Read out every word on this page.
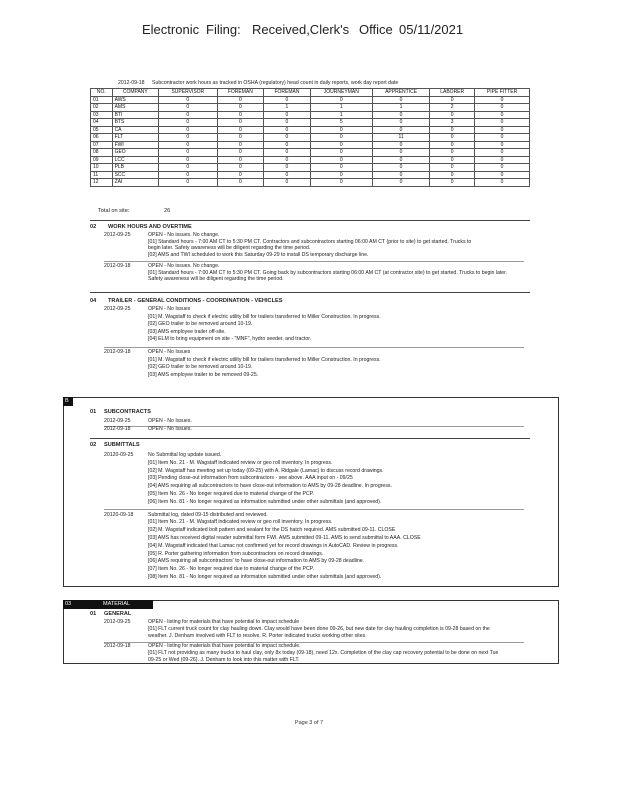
Electronic Filing: Received,Clerk's Office 05/11/2021
2012-09-18 Subcontractor work hours as tracked in OSHA (regulatory) head count in daily reports, work day report date
NO.	COMPANY	SUPERVISOR	FOREMAN	FOREMAN	JOURNEYMAN	APPRENTICE	LABORER	PIPE FITTER
01	AWS	0	0	0	0	0	0	0
02	AMS	0	0	1	1	1	2	0
03	BTI	0	0	0	1	0	0	0
04	BTS	0	0	0	5	0	3	0
05	CA	0	0	0	0	0	0	0
06	FLT	0	0	0	0	11	0	0
07	FWI	0	0	0	0	0	0	0
08	GEO	0	0	0	0	0	0	0
09	LCC	0	0	0	0	0	0	0
10	PLB	0	0	0	0	0	0	0
11	SCC	0	0	0	0	0	0	0
12	ZAI	0	0	0	0	0	0	0
Total on site:	26
02 WORK HOURS AND OVERTIME
2012-09-25	OPEN - No issues. No change.
[01] Standard hours - 7:00 AM CT to 5:30 PM CT. Contractors and subcontractors starting 06:00 AM CT (prior to site) to get started. Trucks to
begin later. Safety awareness will be diligent regarding the time period.
[02] AMS and TWI scheduled to work this Saturday 09-29 to install DS temporary discharge line.
2012-09-18	OPEN - No issues. No change.
[01] Standard hours - 7:00 AM CT to 5:30 PM CT. Going back by subcontractors starting 06:00 AM CT (at contractor site) to get started. Trucks to begin later.
Safety awareness will be diligent regarding the time period.
04 TRAILER - GENERAL CONDITIONS - COORDINATION - VEHICLES
2012-09-25	OPEN - No Issues
[01] M. Wagstaff to check if electric utility bill for trailers transferred to Miller Construction. In progress.
[02] GEO trailer to be removed around 10-19.
[03] AMS employee trailer off-site.
[04] ELM to bring equipment on site - "MNF", hydro seeder, and tractor.
2012-09-18	OPEN - No Issues
[01] M. Wagstaff to check if electric utility bill for trailers transferred to Miller Construction. In progress.
[02] GEO trailer to be removed around 10-19.
[03] AMS employee trailer to be removed 09-25.
B
01 SUBCONTRACTS
2012-09-25	OPEN - No Issues.
2012-09-18	OPEN - No Issues.
02 SUBMITTALS
20120-09-25	No Submittal log update issued.
[01] Item No. 21 - M. Wagstaff indicated review or geo roll inventory. In progress.
[02] M. Wagstaff has meeting set up today (09-25) with A. Ridgale (Lamac) to discuss record drawings.
[03] Pending close-out information from subcontractors - see above. AAA input on - 09/25
[04] AMS requiring all subcontractors to have close-out information to AMS by 09-28 deadline. In progress.
[05] Item No. 26 - No longer required due to material change of the PCP.
[06] Item No. 81 - No longer required as information submitted under other submittals (and approved).
20120-09-18	Submittal log, dated 09-15 distributed and reviewed.
[01] Item No. 21 - M. Wagstaff indicated review or geo roll inventory. In progress.
[02] M. Wagstaff indicated bolt pattern and sealant for the DS hatch required. AMS submitted 09-11. CLOSE
[03] AMS has received digital reader submittal form FWI. AMS submitted 09-11. AMS to send submittal to AAA. CLOSE
[04] M. Wagstaff indicated that Lamac not confirmed yet for record drawings in AutoCAD. Review in progress.
[05] R. Porter gathering information from subcontractors on record drawings.
[06] AMS requiring all subcontractors' to have close-out information to AMS by 09-28 deadline.
[07] Item No. 26 - No longer required due to material change of the PCP.
[08] Item No. 81 - No longer required as information submitted under other submittals (and approved).
03	MATERIAL
01 GENERAL
2012-09-25	OPEN - listing for materials that have potential to impact schedule
[01] FLT current truck count for clay hauling down. Clay would have been done 09-26, but new date for clay hauling completion is 09-28 based on the
weather. J. Denham involved with FLT to resolve. R. Porter indicated trucks working other sites.
2012-09-18	OPEN - listing for materials that have potential to impact schedule.
[01] FLT not providing as many trucks to haul clay, only 8x today (09-18), need 12x. Completion of the clay cap recovery potential to be done on next Tue
09-25 or Wed (09-26). J. Denham to look into this matter with FLT.
Page 3 of 7
